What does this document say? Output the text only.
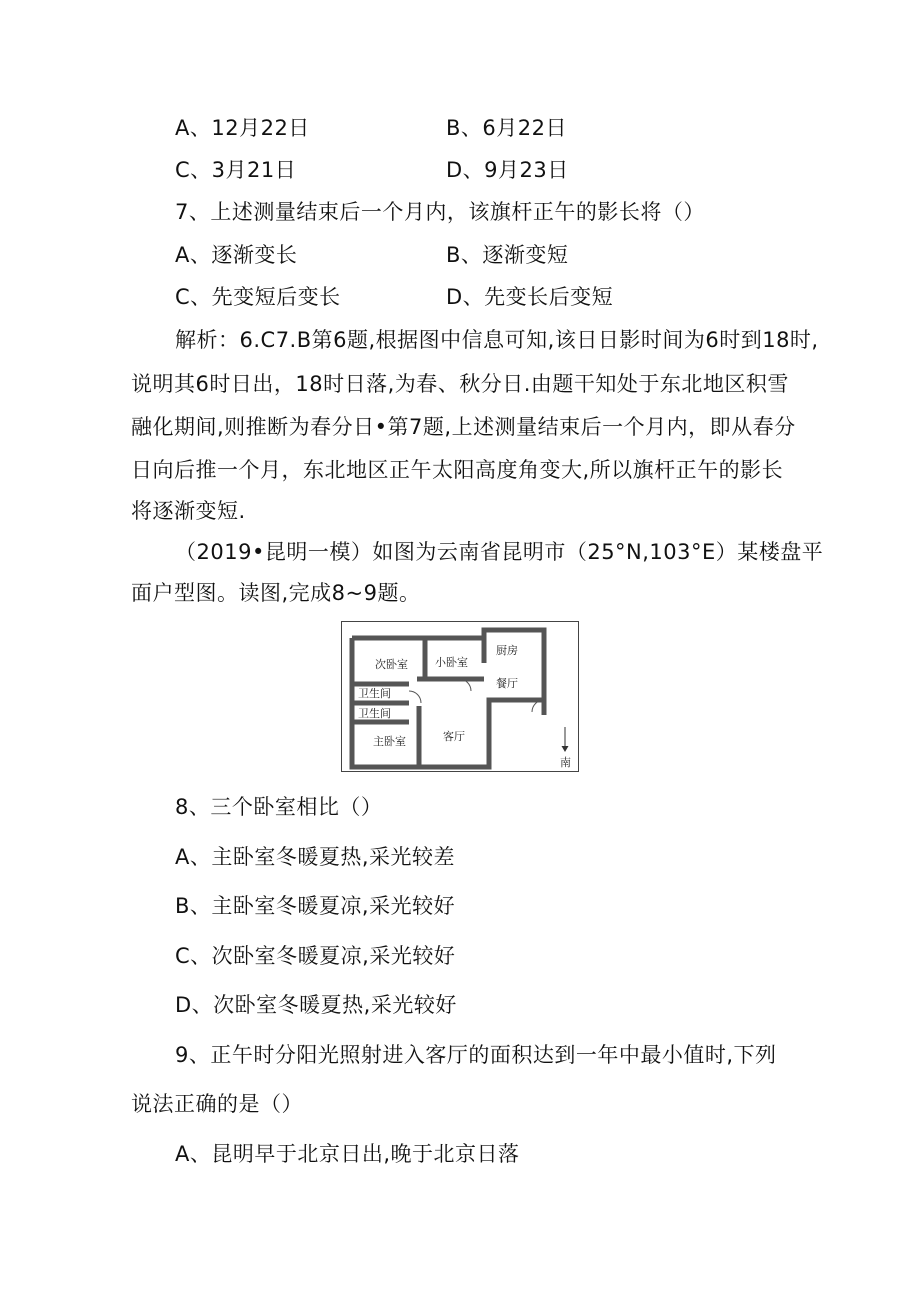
A、12月22日	B、6月22日
C、3月21日	D、9月23日
7、上述测量结束后一个月内，该旗杆正午的影长将（）
A、逐渐变长	B、逐渐变短
C、先变短后变长	D、先变长后变短
解析：6.C7.B第6题,根据图中信息可知,该日日影时间为6时到18时,
说明其6时日出，18时日落,为春、秋分日.由题干知处于东北地区积雪
融化期间,则推断为春分日•第7题,上述测量结束后一个月内，即从春分
日向后推一个月，东北地区正午太阳高度角变大,所以旗杆正午的影长
将逐渐变短.
（2019•昆明一模）如图为云南省昆明市（25°N,103°E）某楼盘平
面户型图。读图,完成8~9题。
次卧室 小卧室
厨房
餐厅
卫生间
卫生间
主卧室	客厅
南
8、三个卧室相比（）
A、主卧室冬暖夏热,采光较差
B、主卧室冬暖夏凉,采光较好
C、次卧室冬暖夏凉,采光较好
D、次卧室冬暖夏热,采光较好
9、正午时分阳光照射进入客厅的面积达到一年中最小值时,下列
说法正确的是（）
A、昆明早于北京日出,晚于北京日落
